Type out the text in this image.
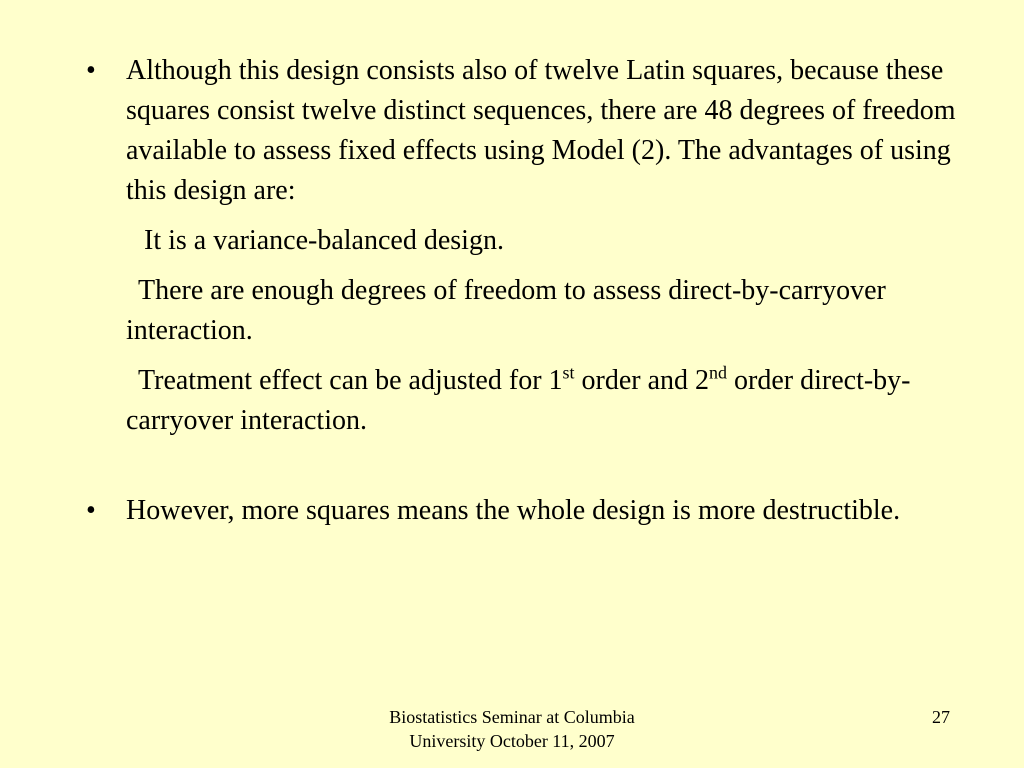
•	Although this design consists also of twelve Latin squares, because these squares consist twelve distinct sequences, there are 48 degrees of freedom available to assess fixed effects using Model (2). The advantages of using this design are:
It is a variance-balanced design.
There are enough degrees of freedom to assess direct-by-carryover interaction.
Treatment effect can be adjusted for 1st order and 2nd order direct-by-carryover interaction.
•	However, more squares means the whole design is more destructible.
Biostatistics Seminar at Columbia
University October 11, 2007
27
